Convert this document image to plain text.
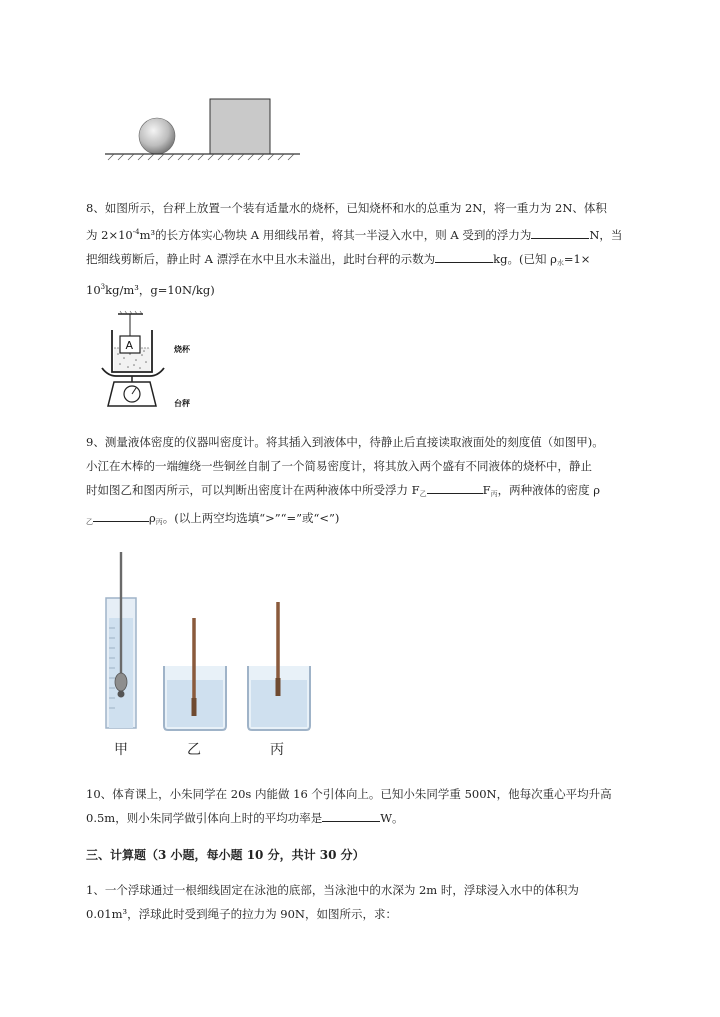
8、如图所示，台秤上放置一个装有适量水的烧杯，已知烧杯和水的总重为 2N，将一重力为 2N、体积
为 $2\times 10^{-4}m^3$的长方体实心物块 A 用细线吊着，将其一半浸入水中，则 A 受到的浮力为	N，当
把细线剪断后，静止时 A 漂浮在水中且水未溢出，此时台秤的示数为	kg。(已知 $\rho_水=1\times$
$10^3kg/m^3$，g=10N/kg)
A	烧杯
台秤
9、测量液体密度的仪器叫密度计。将其插入到液体中，待静止后直接读取液面处的刻度值（如图甲)。
小江在木棒的一端缠绕一些铜丝自制了一个简易密度计，将其放入两个盛有不同液体的烧杯中，静止
时如图乙和图丙所示，可以判断出密度计在两种液体中所受浮力 $F_乙$	$F_丙$，两种液体的密度 ρ
$_乙$	$\rho_丙$。(以上两空均选填“>”“=”或“<”)
甲	乙	丙
10、体育课上，小朱同学在 20s 内能做 16 个引体向上。已知小朱同学重 500N，他每次重心平均升高
0.5m，则小朱同学做引体向上时的平均功率是	W。
三、计算题（3 小题，每小题 10 分，共计 30 分）
1、一个浮球通过一根细线固定在泳池的底部，当泳池中的水深为 2m 时，浮球浸入水中的体积为
0.01m³，浮球此时受到绳子的拉力为 90N，如图所示，求：
